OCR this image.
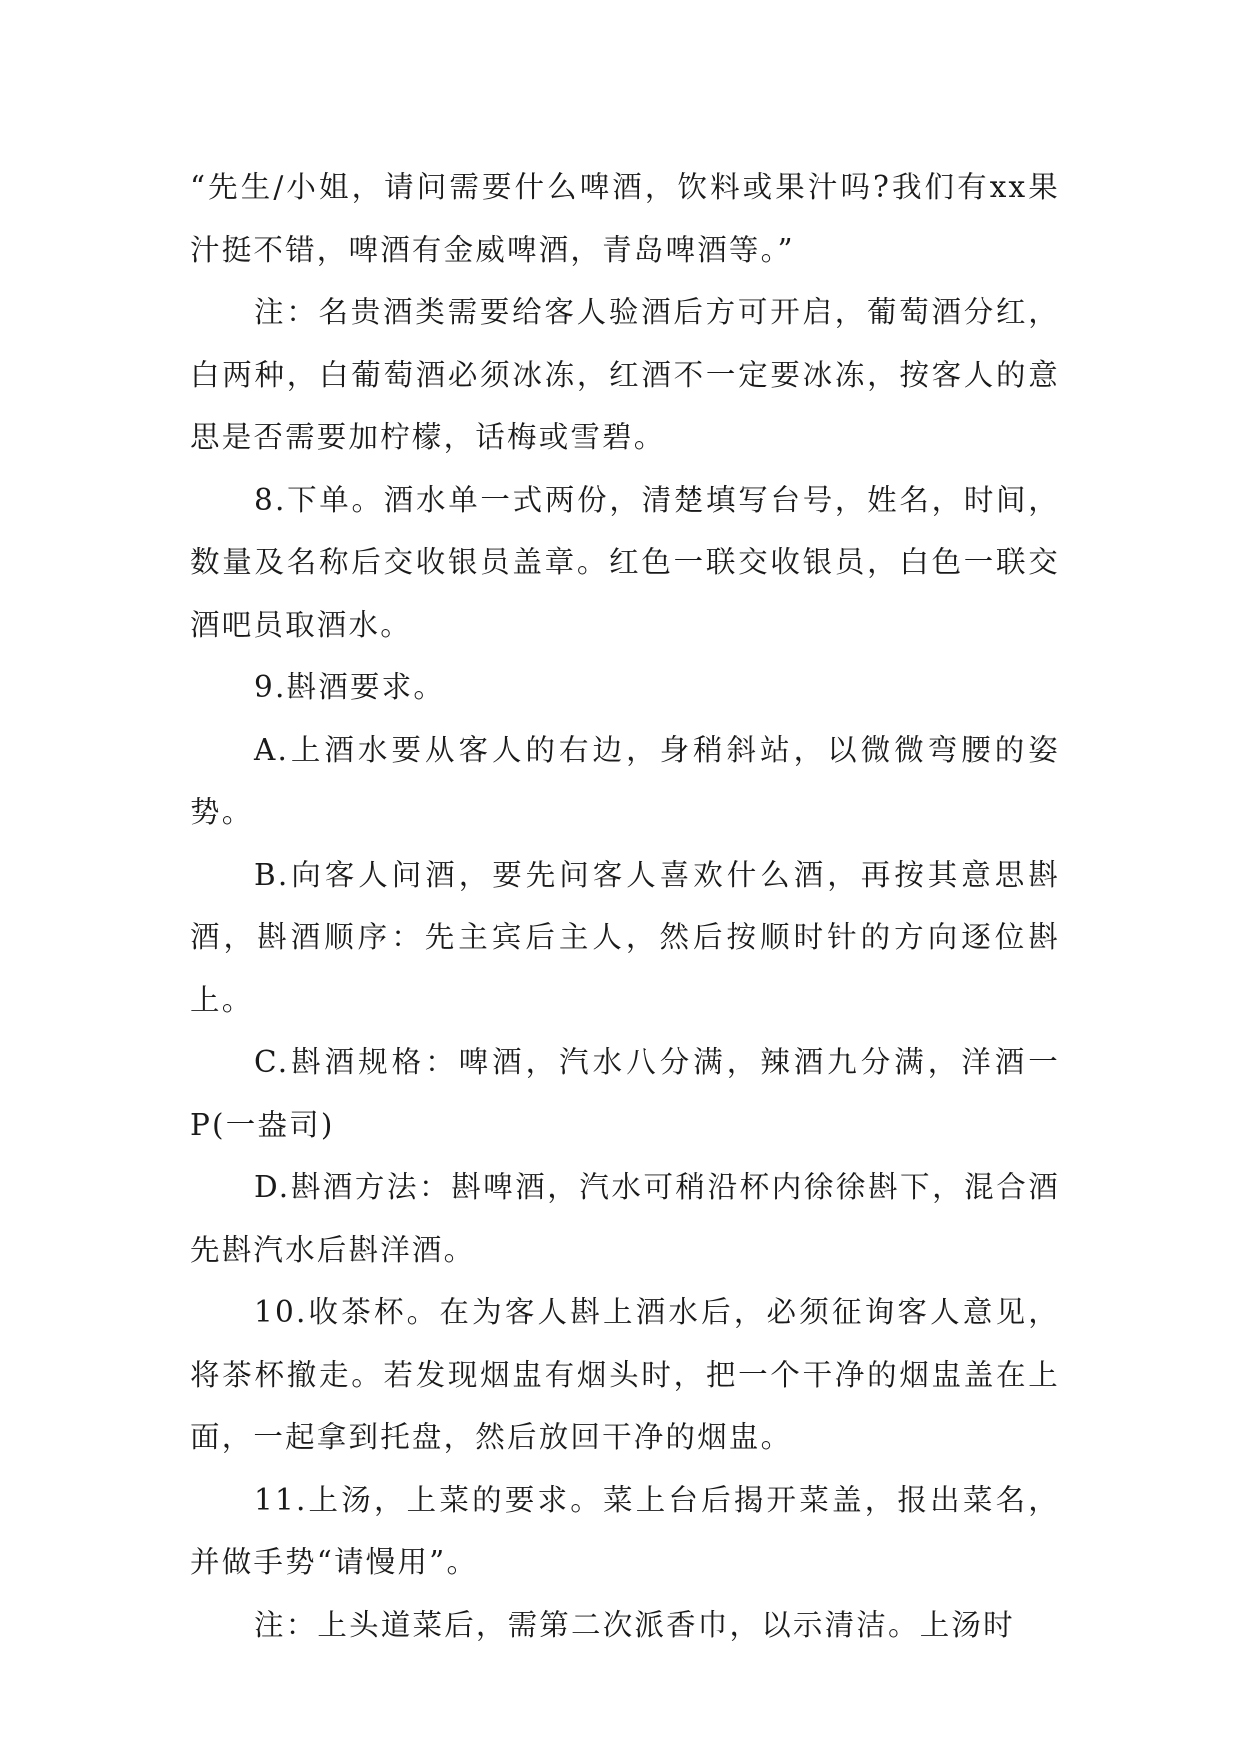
“先生/小姐，请问需要什么啤酒，饮料或果汁吗?我们有xx果汁挺不错，啤酒有金威啤酒，青岛啤酒等。”

注：名贵酒类需要给客人验酒后方可开启，葡萄酒分红，白两种，白葡萄酒必须冰冻，红酒不一定要冰冻，按客人的意思是否需要加柠檬，话梅或雪碧。

8.下单。酒水单一式两份，清楚填写台号，姓名，时间，数量及名称后交收银员盖章。红色一联交收银员，白色一联交酒吧员取酒水。

9.斟酒要求。

A.上酒水要从客人的右边，身稍斜站，以微微弯腰的姿势。

B.向客人问酒，要先问客人喜欢什么酒，再按其意思斟酒，斟酒顺序：先主宾后主人，然后按顺时针的方向逐位斟上。

C.斟酒规格：啤酒，汽水八分满，辣酒九分满，洋酒一P(一盎司)

D.斟酒方法：斟啤酒，汽水可稍沿杯内徐徐斟下，混合酒先斟汽水后斟洋酒。

10.收茶杯。在为客人斟上酒水后，必须征询客人意见，将茶杯撤走。若发现烟盅有烟头时，把一个干净的烟盅盖在上面，一起拿到托盘，然后放回干净的烟盅。

11.上汤，上菜的要求。菜上台后揭开菜盖，报出菜名，并做手势“请慢用”。

注：上头道菜后，需第二次派香巾，以示清洁。上汤时
